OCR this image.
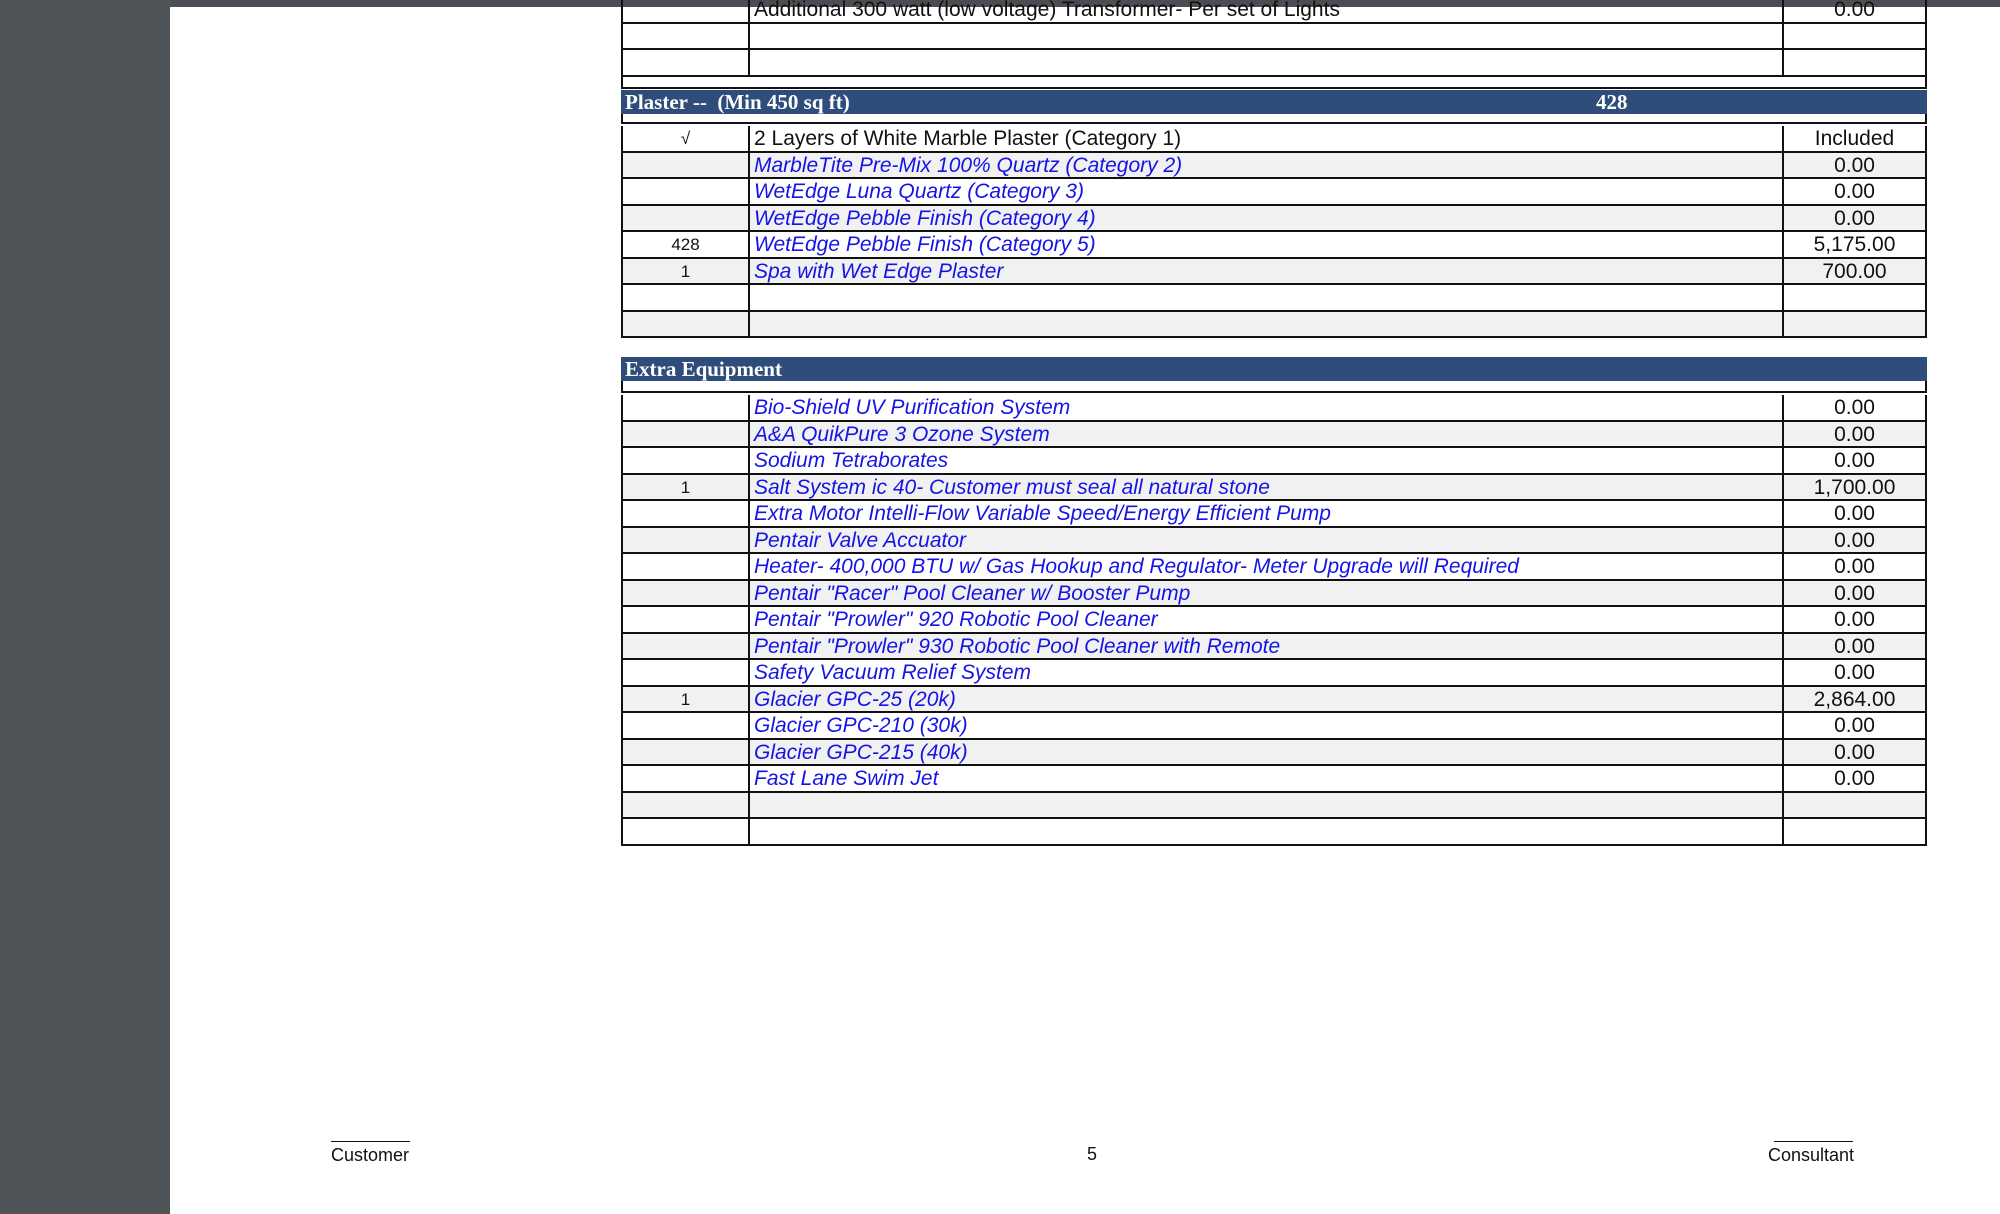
Additional 300 watt (low voltage) Transformer- Per set of Lights	0.00
Plaster --  (Min 450 sq ft)	428
√	2 Layers of White Marble Plaster (Category 1)	Included
MarbleTite Pre-Mix 100% Quartz (Category 2)	0.00
WetEdge Luna Quartz (Category 3)	0.00
WetEdge Pebble Finish (Category 4)	0.00
428	WetEdge Pebble Finish (Category 5)	5,175.00
1	Spa with Wet Edge Plaster	700.00
Extra Equipment
Bio-Shield UV Purification System	0.00
A&A QuikPure 3 Ozone System	0.00
Sodium Tetraborates	0.00
1	Salt System ic 40- Customer must seal all natural stone	1,700.00
Extra Motor Intelli-Flow Variable Speed/Energy Efficient Pump	0.00
Pentair Valve Accuator	0.00
Heater- 400,000 BTU w/ Gas Hookup and Regulator- Meter Upgrade will Required	0.00
Pentair "Racer" Pool Cleaner w/ Booster Pump	0.00
Pentair "Prowler" 920 Robotic Pool Cleaner	0.00
Pentair "Prowler" 930 Robotic Pool Cleaner with Remote	0.00
Safety Vacuum Relief System	0.00
1	Glacier GPC-25 (20k)	2,864.00
Glacier GPC-210 (30k)	0.00
Glacier GPC-215 (40k)	0.00
Fast Lane Swim Jet	0.00
Customer	5	Consultant
